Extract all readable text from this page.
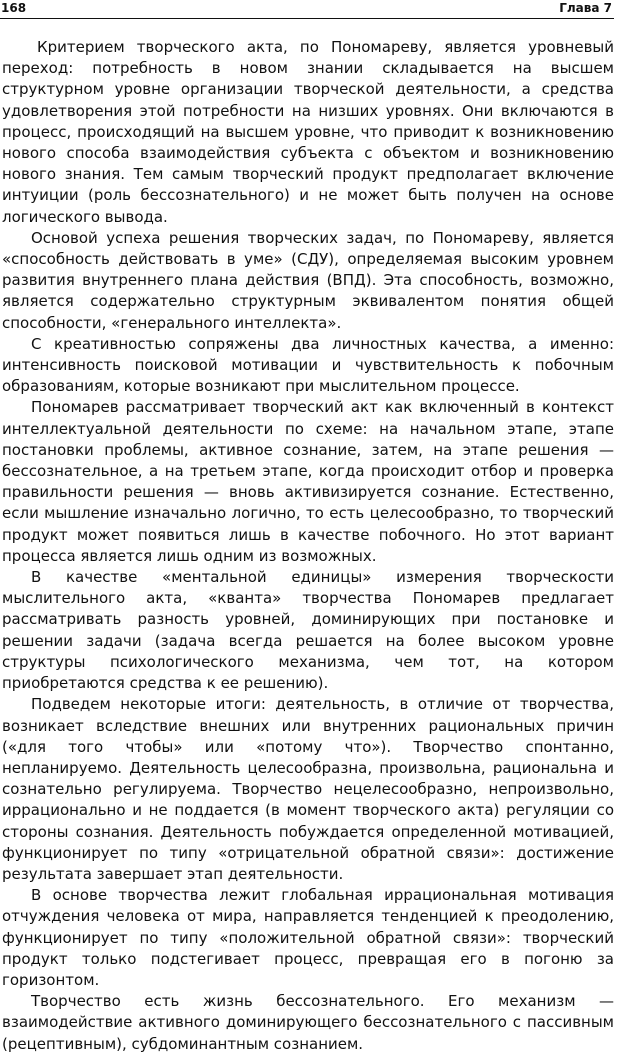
168	Глава 7

Критерием творческого акта, по Пономареву, является уровневый переход: потребность в новом знании складывается на высшем структурном уровне организации творческой деятельности, а средства удовлетворения этой потребности на низших уровнях. Они включаются в процесс, происходящий на высшем уровне, что приводит к возникновению нового способа взаимодействия субъекта с объектом и возникновению нового знания. Тем самым творческий продукт предполагает включение интуиции (роль бессознательного) и не может быть получен на основе логического вывода.

Основой успеха решения творческих задач, по Пономареву, является «способность действовать в уме» (СДУ), определяемая высоким уровнем развития внутреннего плана действия (ВПД). Эта способность, возможно, является содержательно структурным эквивалентом понятия общей способности, «генерального интеллекта».

С креативностью сопряжены два личностных качества, а именно: интенсивность поисковой мотивации и чувствительность к побочным образованиям, которые возникают при мыслительном процессе.

Пономарев рассматривает творческий акт как включенный в контекст интеллектуальной деятельности по схеме: на начальном этапе, этапе постановки проблемы, активное сознание, затем, на этапе решения — бессознательное, а на третьем этапе, когда происходит отбор и проверка правильности решения — вновь активизируется сознание. Естественно, если мышление изначально логично, то есть целесообразно, то творческий продукт может появиться лишь в качестве побочного. Но этот вариант процесса является лишь одним из возможных.

В качестве «ментальной единицы» измерения творческости мыслительного акта, «кванта» творчества Пономарев предлагает рассматривать разность уровней, доминирующих при постановке и решении задачи (задача всегда решается на более высоком уровне структуры психологического механизма, чем тот, на котором приобретаются средства к ее решению).

Подведем некоторые итоги: деятельность, в отличие от творчества, возникает вследствие внешних или внутренних рациональных причин («для того чтобы» или «потому что»). Творчество спонтанно, непланируемо. Деятельность целесообразна, произвольна, рациональна и сознательно регулируема. Творчество нецелесообразно, непроизвольно, иррационально и не поддается (в момент творческого акта) регуляции со стороны сознания. Деятельность побуждается определенной мотивацией, функционирует по типу «отрицательной обратной связи»: достижение результата завершает этап деятельности.

В основе творчества лежит глобальная иррациональная мотивация отчуждения человека от мира, направляется тенденцией к преодолению, функционирует по типу «положительной обратной связи»: творческий продукт только подстегивает процесс, превращая его в погоню за горизонтом.

Творчество есть жизнь бессознательного. Его механизм — взаимодействие активного доминирующего бессознательного с пассивным (рецептивным), субдоминантным сознанием.
